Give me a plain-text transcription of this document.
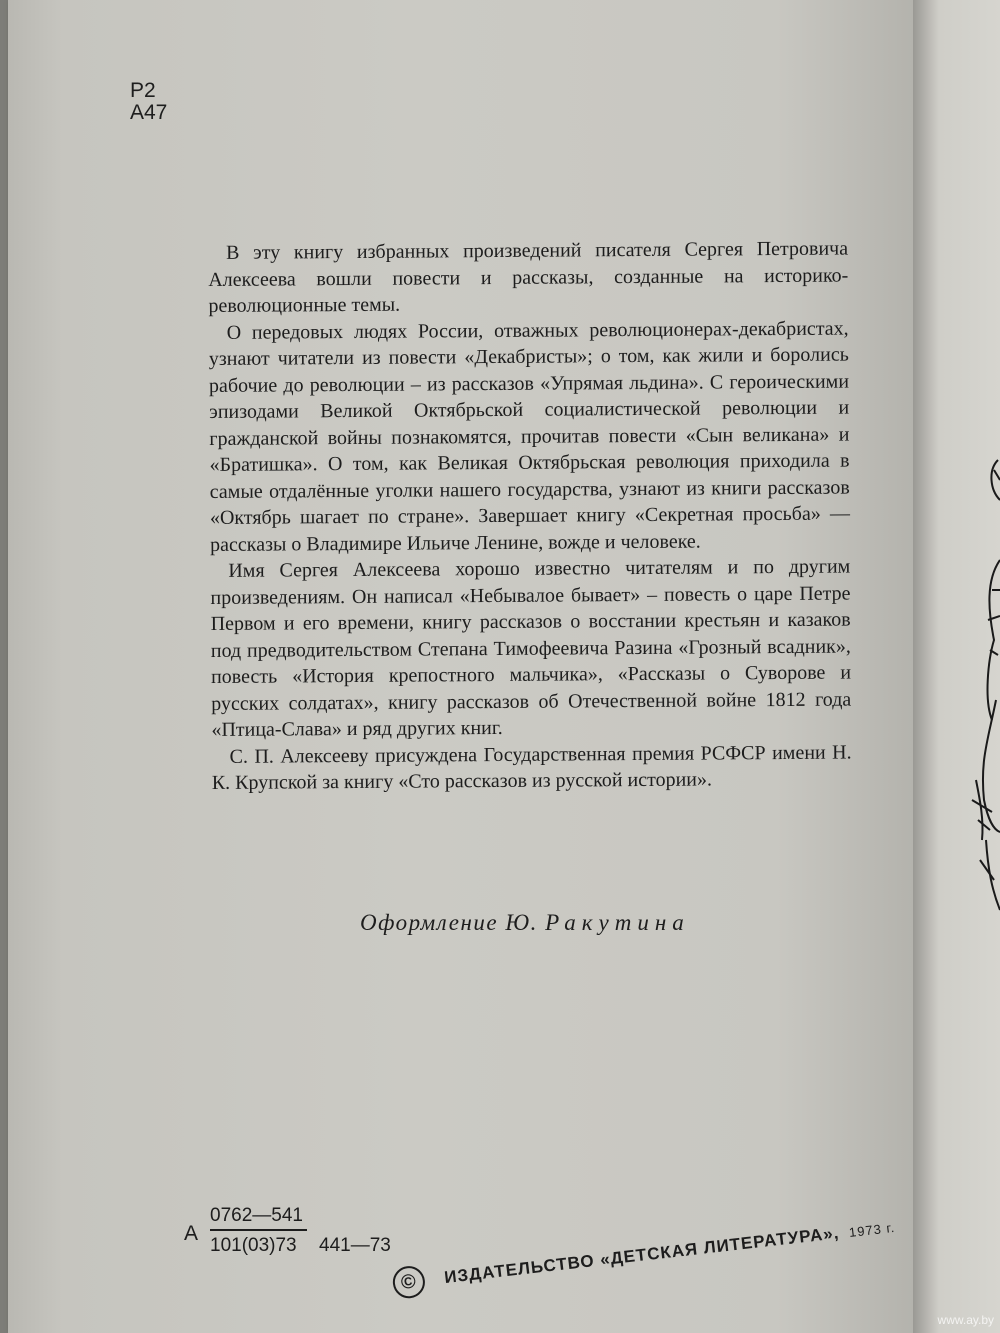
Р2
А47

В эту книгу избранных произведений писателя Сергея Петровича Алексеева вошли повести и рассказы, созданные на историко-революционные темы.

О передовых людях России, отважных революционерах-декабристах, узнают читатели из повести «Декабристы»; о том, как жили и боролись рабочие до революции – из рассказов «Упрямая льдина». С героическими эпизодами Великой Октябрьской социалистической революции и гражданской войны познакомятся, прочитав повести «Сын великана» и «Братишка». О том, как Великая Октябрьская революция приходила в самые отдалённые уголки нашего государства, узнают из книги рассказов «Октябрь шагает по стране». Завершает книгу «Секретная просьба» — рассказы о Владимире Ильиче Ленине, вожде и человеке.

Имя Сергея Алексеева хорошо известно читателям и по другим произведениям. Он написал «Небывалое бывает» – повесть о царе Петре Первом и его времени, книгу рассказов о восстании крестьян и казаков под предводительством Степана Тимофеевича Разина «Грозный всадник», повесть «История крепостного мальчика», «Рассказы о Суворове и русских солдатах», книгу рассказов об Отечественной войне 1812 года «Птица-Слава» и ряд других книг.

С. П. Алексееву присуждена Государственная премия РСФСР имени Н. К. Крупской за книгу «Сто рассказов из русской истории».

Оформление Ю. Ракутина
А $\frac{0762—541}{101(03)73}$ 441—73
© ИЗДАТЕЛЬСТВО «ДЕТСКАЯ ЛИТЕРАТУРА», 1973 г.
www.ay.by
